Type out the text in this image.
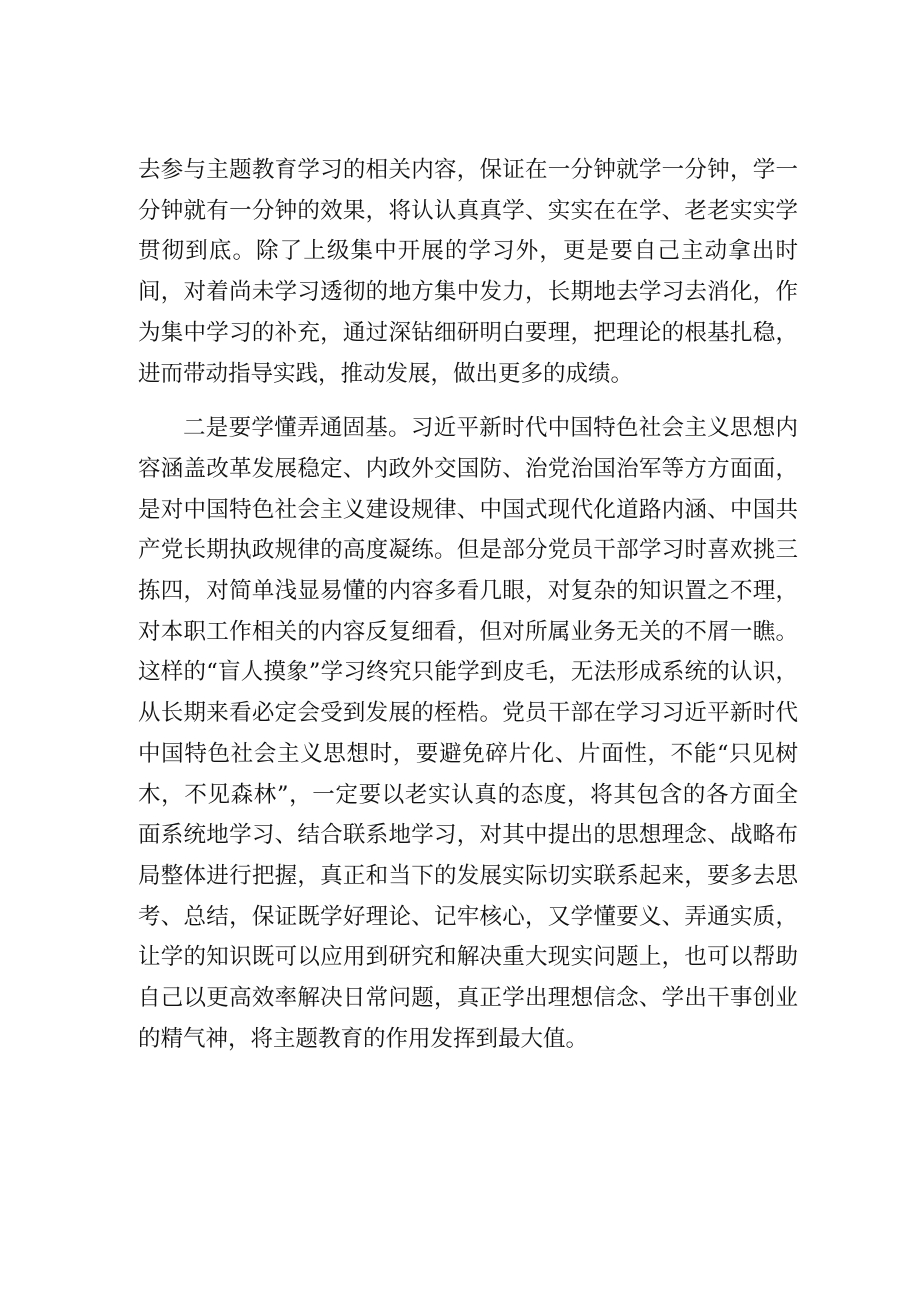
去参与主题教育学习的相关内容，保证在一分钟就学一分钟，学一分钟就有一分钟的效果，将认认真真学、实实在在学、老老实实学贯彻到底。除了上级集中开展的学习外，更是要自己主动拿出时间，对着尚未学习透彻的地方集中发力，长期地去学习去消化，作为集中学习的补充，通过深钻细研明白要理，把理论的根基扎稳，进而带动指导实践，推动发展，做出更多的成绩。

二是要学懂弄通固基。习近平新时代中国特色社会主义思想内容涵盖改革发展稳定、内政外交国防、治党治国治军等方方面面，是对中国特色社会主义建设规律、中国式现代化道路内涵、中国共产党长期执政规律的高度凝练。但是部分党员干部学习时喜欢挑三拣四，对简单浅显易懂的内容多看几眼，对复杂的知识置之不理，对本职工作相关的内容反复细看，但对所属业务无关的不屑一瞧。这样的“盲人摸象”学习终究只能学到皮毛，无法形成系统的认识，从长期来看必定会受到发展的桎梏。党员干部在学习习近平新时代中国特色社会主义思想时，要避免碎片化、片面性，不能“只见树木，不见森林”，一定要以老实认真的态度，将其包含的各方面全面系统地学习、结合联系地学习，对其中提出的思想理念、战略布局整体进行把握，真正和当下的发展实际切实联系起来，要多去思考、总结，保证既学好理论、记牢核心，又学懂要义、弄通实质，让学的知识既可以应用到研究和解决重大现实问题上，也可以帮助自己以更高效率解决日常问题，真正学出理想信念、学出干事创业的精气神，将主题教育的作用发挥到最大值。
